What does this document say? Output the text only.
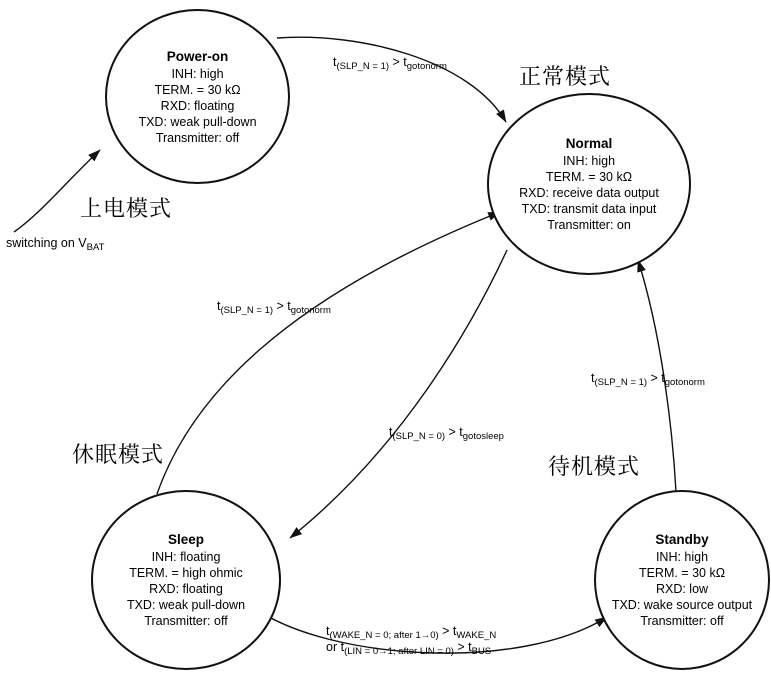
Power-on
INH: high
TERM. = 30 kΩ
RXD: floating
TXD: weak pull-down
Transmitter: off	Normal
INH: high
TERM. = 30 kΩ
RXD: receive data output
TXD: transmit data input
Transmitter: on
Sleep
INH: floating
TERM. = high ohmic
RXD: floating
TXD: weak pull-down
Transmitter: off
Standby
INH: high
TERM. = 30 kΩ
RXD: low
TXD: wake source output
Transmitter: off
上电模式
正常模式
休眠模式	待机模式
switching on $V_{BAT}$
$t_{(SLP\_N = 1)} > t_{gotonorm}$
$t_{(SLP\_N = 1)} > t_{gotonorm}$
$t_{(SLP\_N = 1)} > t_{gotonorm}$
$t_{(SLP\_N = 0)} > t_{gotosleep}$
$t_{(WAKE\_N = 0; after 1\to 0)} > t_{WAKE\_N}$
or $t_{(LIN = 0\to 1; after LIN = 0)} > t_{BUS}$
